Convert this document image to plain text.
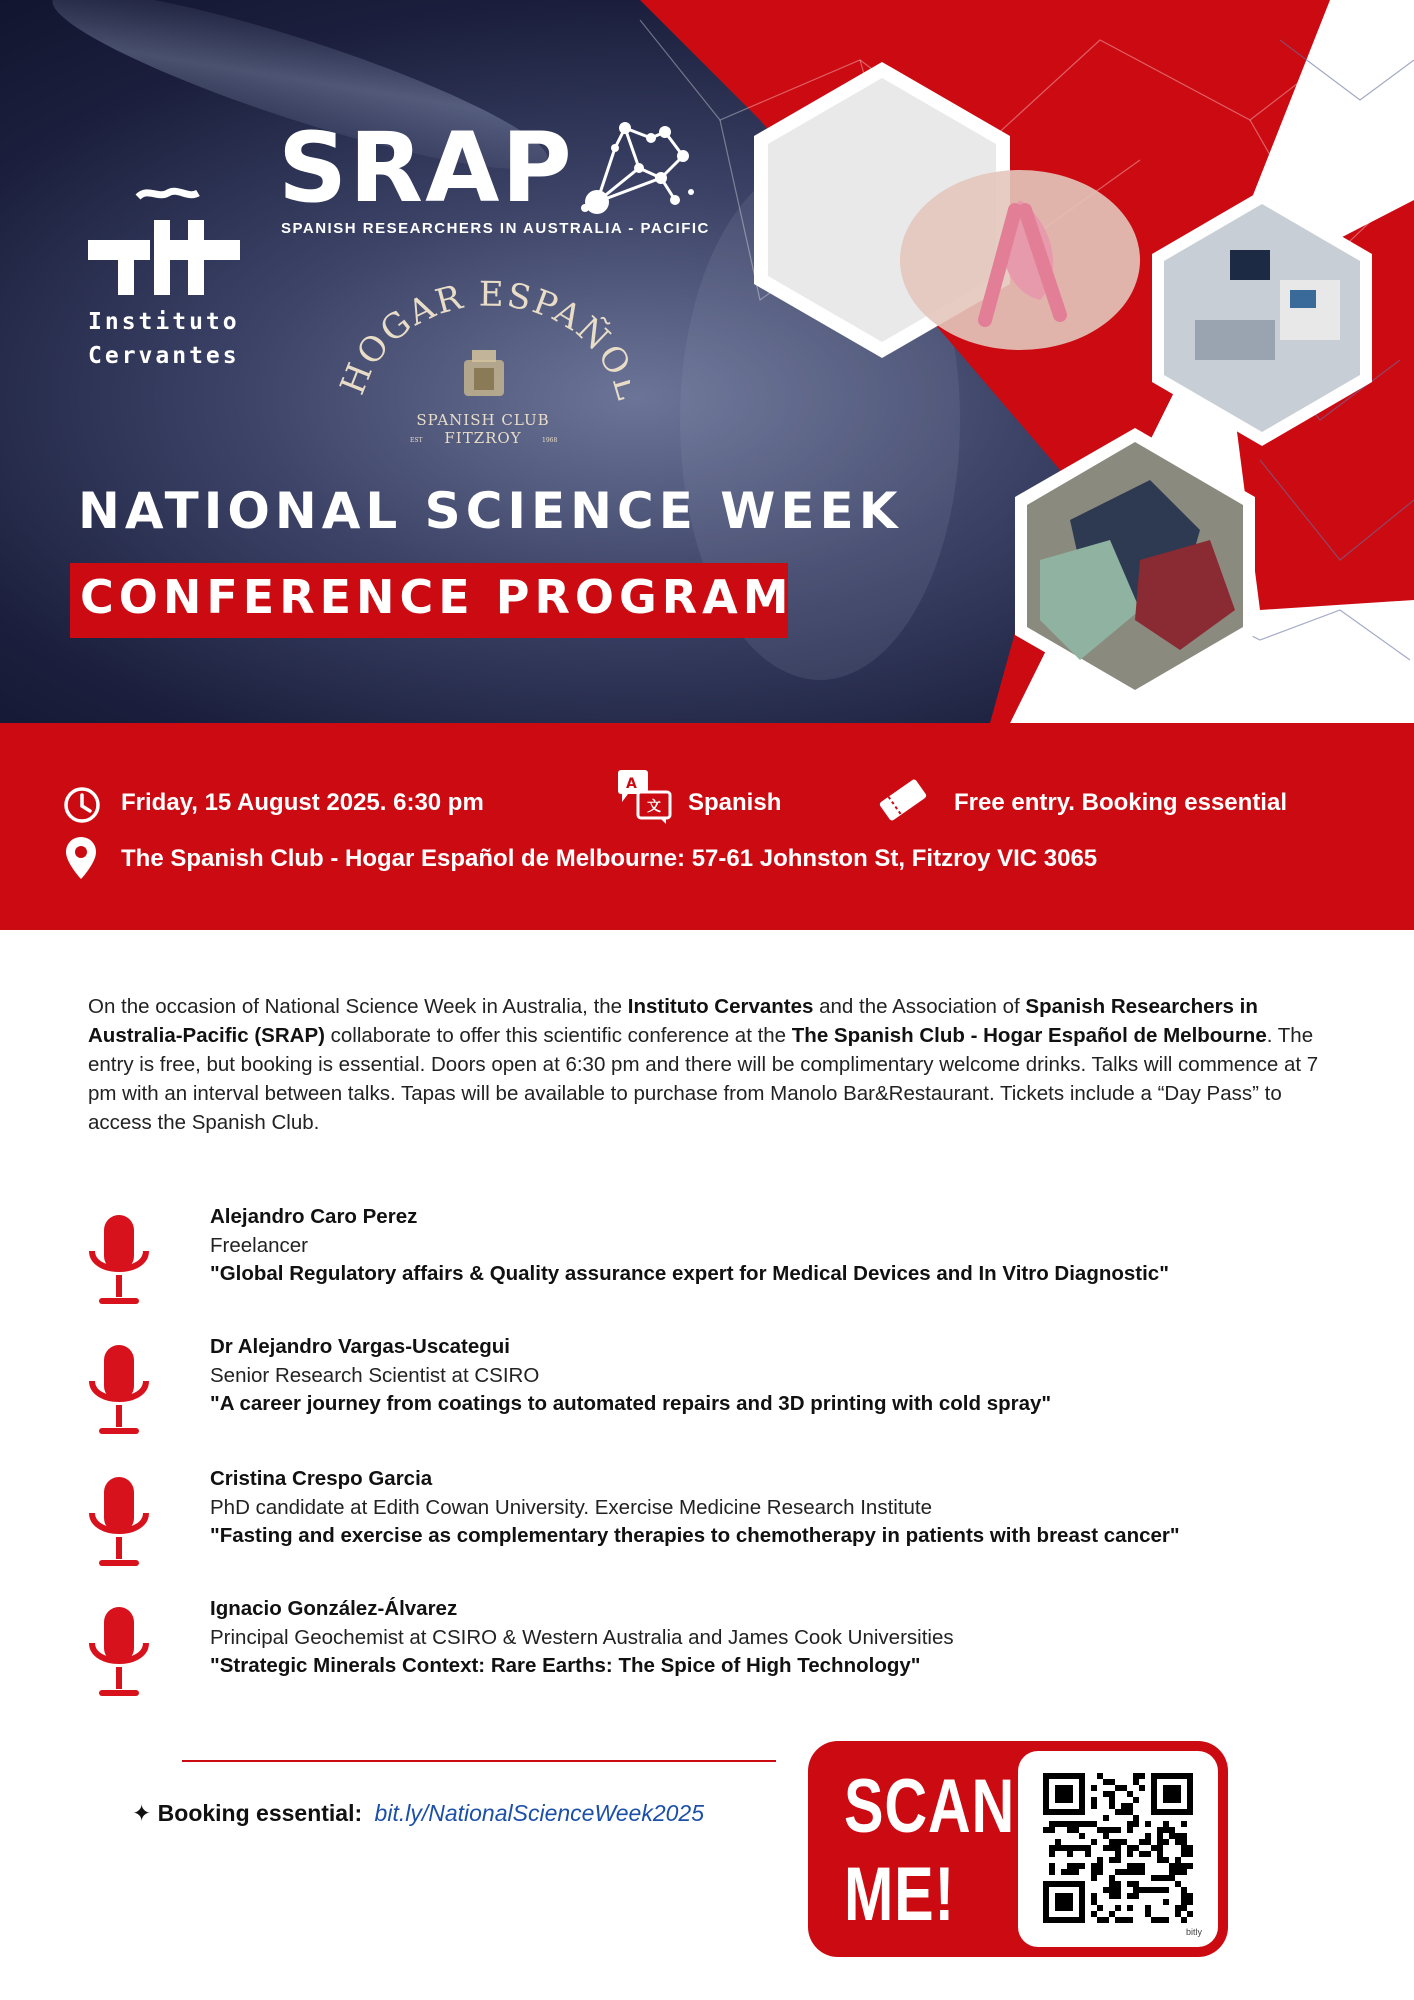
Instituto
Cervantes
SRAP
SPANISH RESEARCHERS IN AUSTRALIA - PACIFIC
HOGAR ESPAÑ
SPANISH CLUB
FITZROY
EST	1968
NATIONAL SCIENCE WEEK
CONFERENCE PROGRAM
Friday, 15 August 2025. 6:30 pm
A
文 Spanish	Free entry. Booking essential
The Spanish Club - Hogar Español de Melbourne: 57-61 Johnston St, Fitzroy VIC 3065
On the occasion of National Science Week in Australia, the Instituto Cervantes and the Association of Spanish Researchers in Australia-Pacific (SRAP) collaborate to offer this scientific conference at the The Spanish Club - Hogar Español de Melbourne. The entry is free, but booking is essential. Doors open at 6:30 pm and there will be complimentary welcome drinks. Talks will commence at 7 pm with an interval between talks. Tapas will be available to purchase from Manolo Bar&Restaurant. Tickets include a “Day Pass” to access the Spanish Club.
Alejandro Caro Perez
Freelancer
"Global Regulatory affairs & Quality assurance expert for Medical Devices and In Vitro Diagnostic"
Dr Alejandro Vargas-Uscategui
Senior Research Scientist at CSIRO
"A career journey from coatings to automated repairs and 3D printing with cold spray"
Cristina Crespo Garcia
PhD candidate at Edith Cowan University. Exercise Medicine Research Institute
"Fasting and exercise as complementary therapies to chemotherapy in patients with breast cancer"
Ignacio González-Álvarez
Principal Geochemist at CSIRO & Western Australia and James Cook Universities
"Strategic Minerals Context: Rare Earths: The Spice of High Technology"
✦ Booking essential: bit.ly/NationalScienceWeek2025 SCAN
ME!	bitly
